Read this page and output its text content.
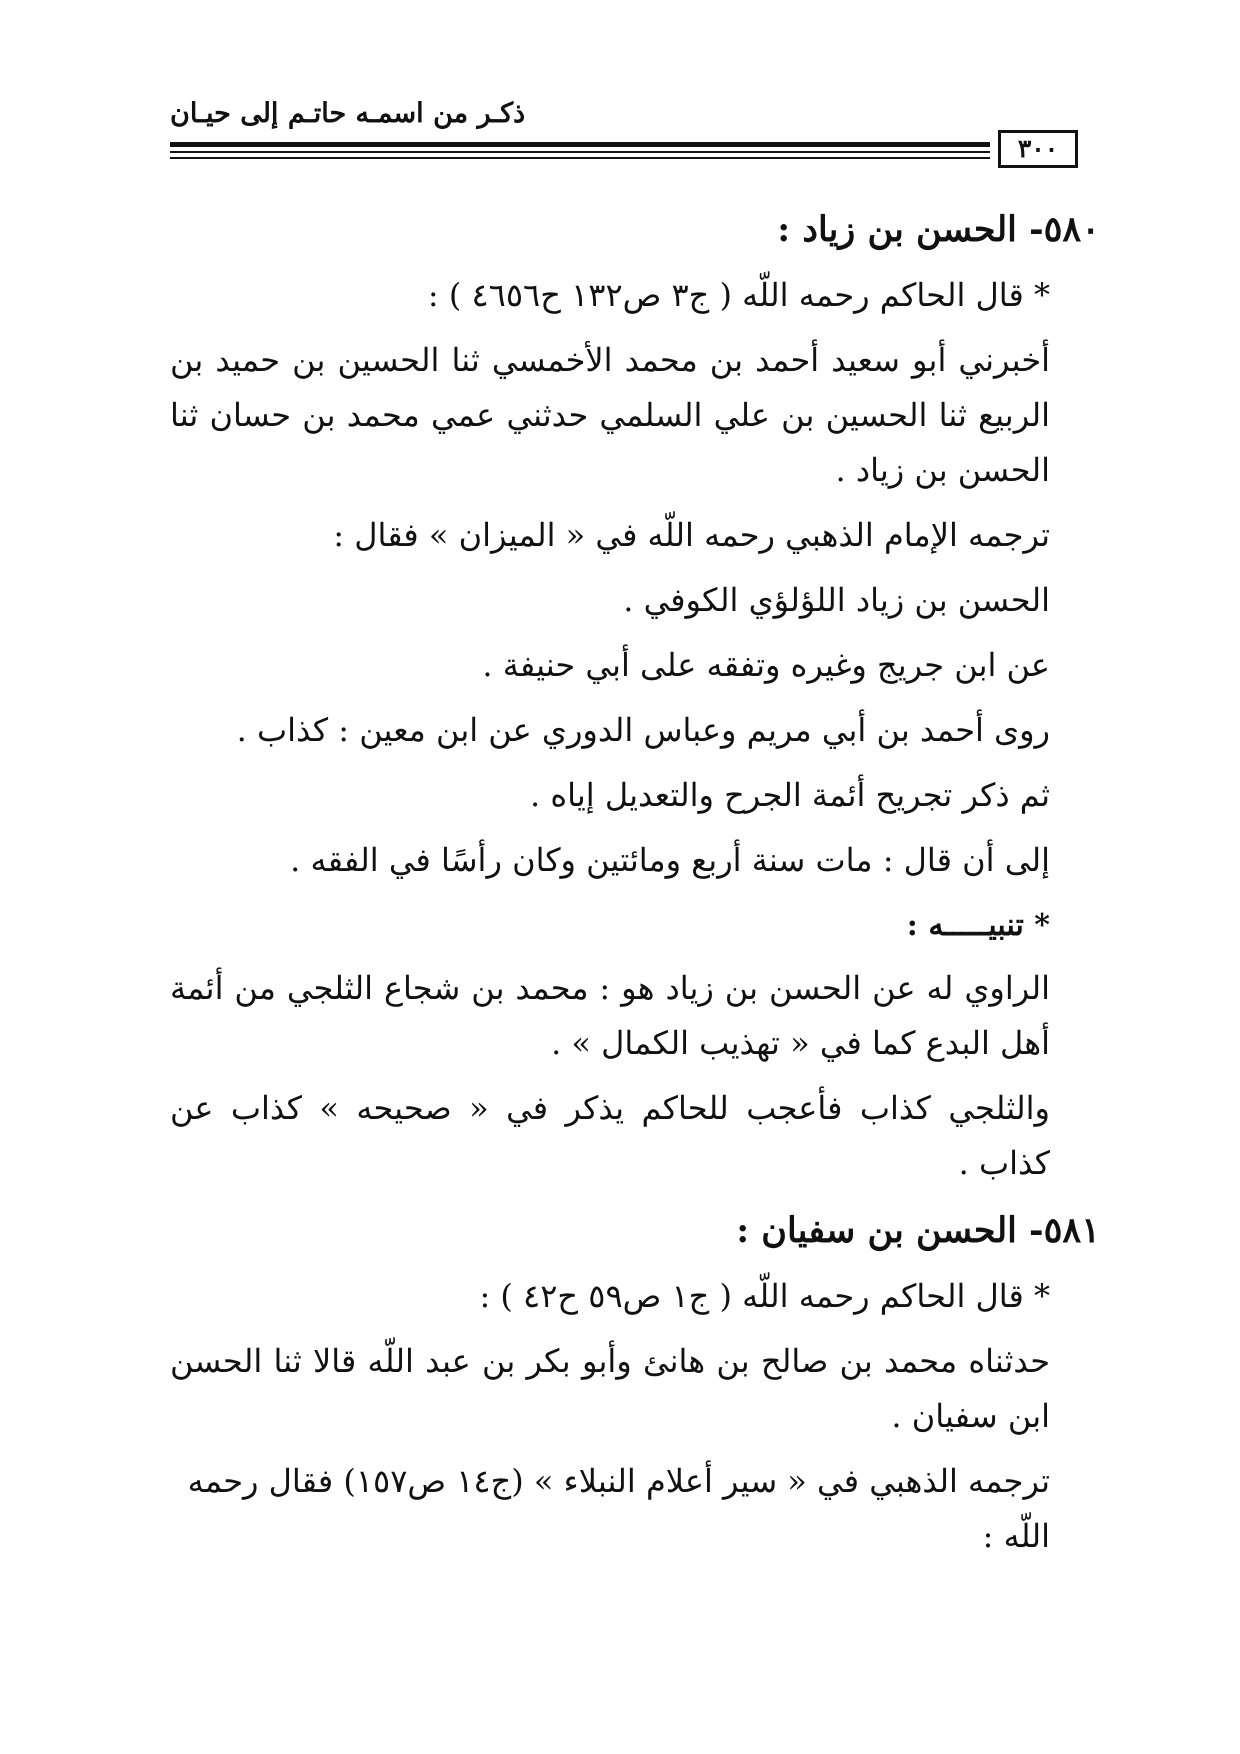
ذكـر من اسمـه حاتـم إلى حيـان
٣٠٠
٥٨٠- الحسن بن زياد :
* قال الحاكم رحمه اللّه ( ج٣ ص١٣٢ ح٤٦٥٦ ) :
أخبرني أبو سعيد أحمد بن محمد الأخمسي ثنا الحسين بن حميد بن الربيع ثنا الحسين بن علي السلمي حدثني عمي محمد بن حسان ثنا الحسن بن زياد .
ترجمه الإمام الذهبي رحمه اللّه في « الميزان » فقال :
الحسن بن زياد اللؤلؤي الكوفي .
عن ابن جريج وغيره وتفقه على أبي حنيفة .
روى أحمد بن أبي مريم وعباس الدوري عن ابن معين : كذاب .
ثم ذكر تجريح أئمة الجرح والتعديل إياه .
إلى أن قال : مات سنة أربع ومائتين وكان رأسًا في الفقه .
* تنبيـــــه :
الراوي له عن الحسن بن زياد هو : محمد بن شجاع الثلجي من أئمة أهل البدع كما في « تهذيب الكمال » .
والثلجي كذاب فأعجب للحاكم يذكر في « صحيحه » كذاب عن كذاب .
٥٨١- الحسن بن سفيان :
* قال الحاكم رحمه اللّه ( ج١ ص٥٩ ح٤٢ ) :
حدثناه محمد بن صالح بن هانئ وأبو بكر بن عبد اللّه قالا ثنا الحسن ابن سفيان .
ترجمه الذهبي في « سير أعلام النبلاء » (ج١٤ ص١٥٧) فقال رحمه اللّه :
